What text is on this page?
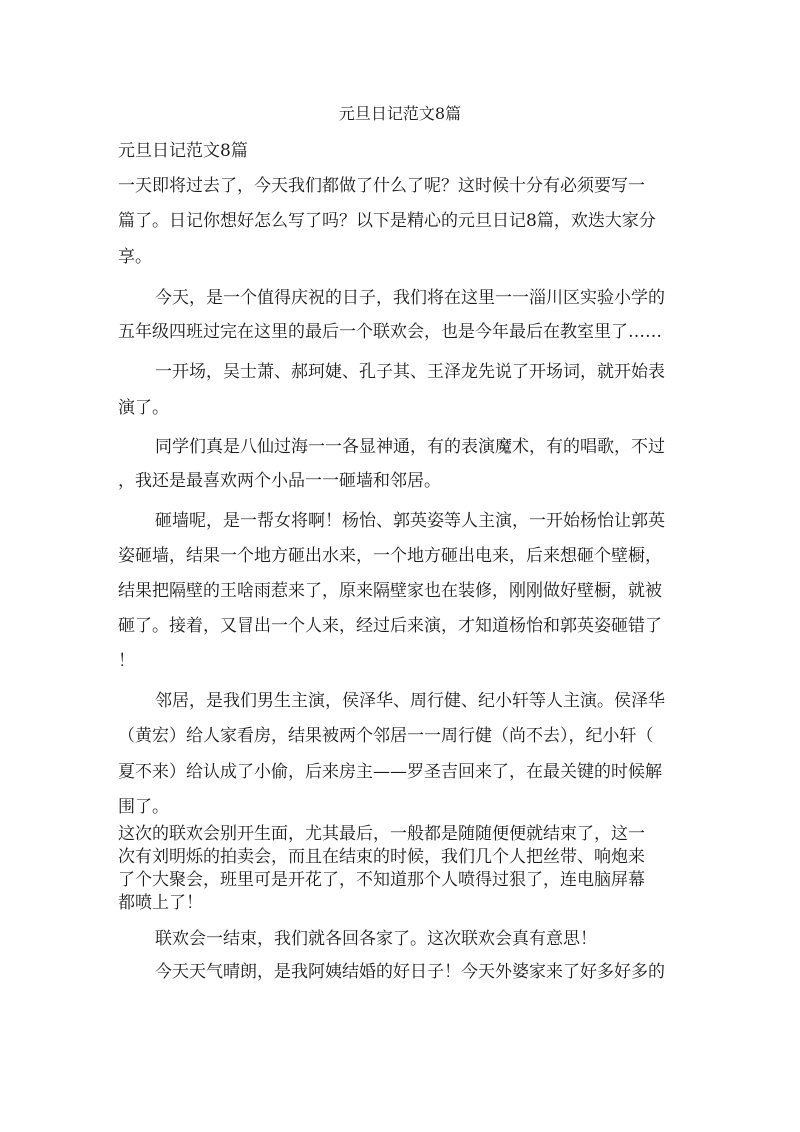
元旦日记范文8篇
元旦日记范文8篇
一天即将过去了，今天我们都做了什么了呢？这时候十分有必须要写一
篇了。日记你想好怎么写了吗？以下是精心的元旦日记8篇，欢迭大家分
享。
今天，是一个值得庆祝的日子，我们将在这里一一淄川区实验小学的
五年级四班过完在这里的最后一个联欢会，也是今年最后在教室里了……
一开场，吴士萧、郝珂婕、孔子其、王泽龙先说了开场词，就开始表
演了。
同学们真是八仙过海一一各显神通，有的表演魔术，有的唱歌，不过
，我还是最喜欢两个小品一一砸墙和邻居。
砸墙呢，是一帮女将啊！杨怡、郭英姿等人主演，一开始杨怡让郭英
姿砸墙，结果一个地方砸出水来，一个地方砸出电来，后来想砸个壁橱，
结果把隔壁的王啥雨惹来了，原来隔壁家也在装修，刚刚做好壁橱，就被
砸了。接着，又冒出一个人来，经过后来演，才知道杨怡和郭英姿砸错了
！
邻居，是我们男生主演，侯泽华、周行健、纪小轩等人主演。侯泽华
（黄宏）给人家看房，结果被两个邻居一一周行健（尚不去），纪小轩（
夏不来）给认成了小偷，后来房主——罗圣吉回来了，在最关键的时候解
围了。
这次的联欢会别开生面，尤其最后，一般都是随随便便就结束了，这一
次有刘明烁的拍卖会，而且在结束的时候，我们几个人把丝带、响炮来
了个大聚会，班里可是开花了，不知道那个人喷得过狠了，连电脑屏幕
都喷上了！
联欢会一结束，我们就各回各家了。这次联欢会真有意思！
今天天气晴朗，是我阿姨结婚的好日子！今天外婆家来了好多好多的
